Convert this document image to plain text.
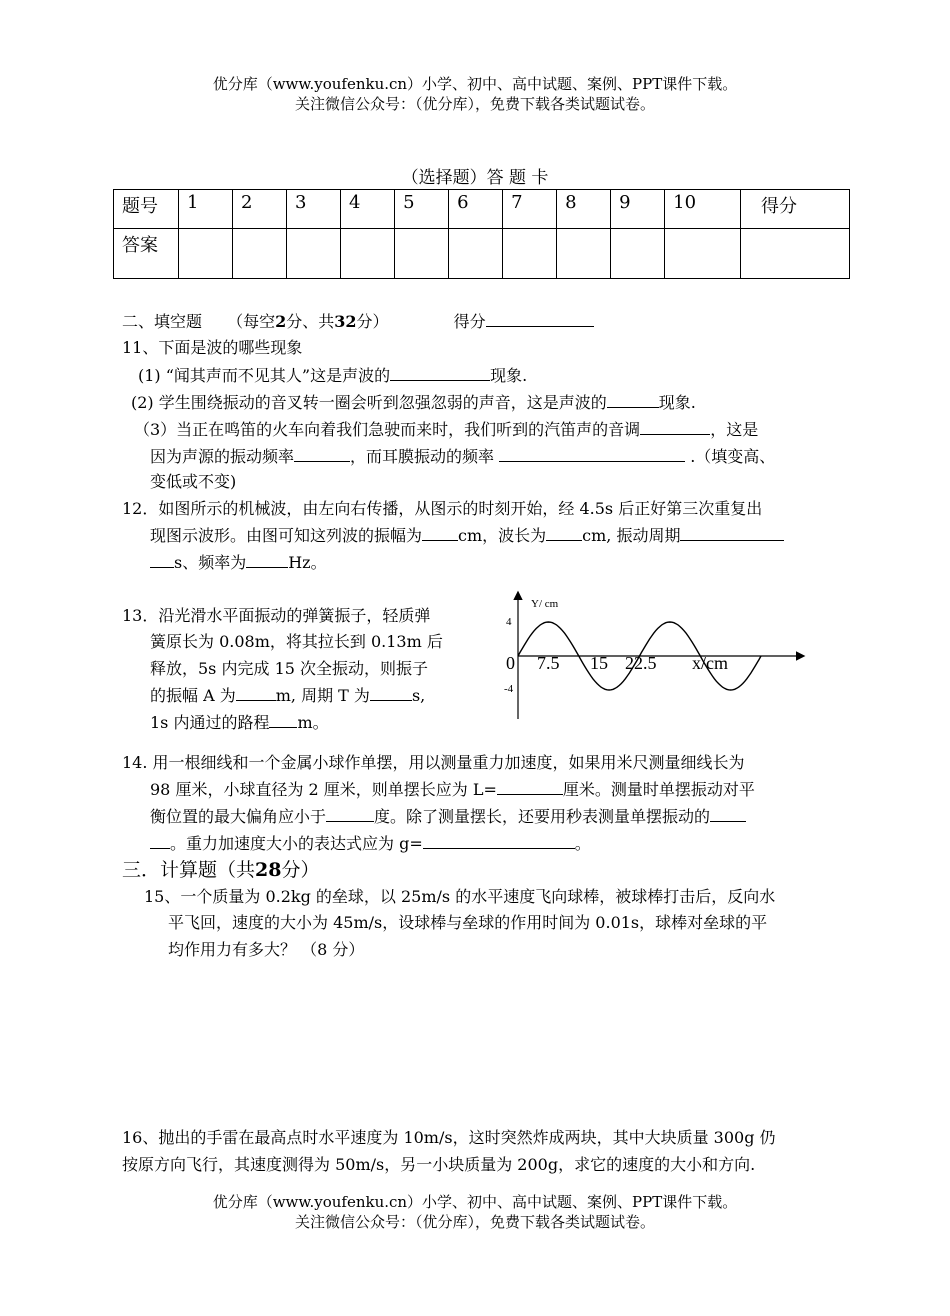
优分库（www.youfenku.cn）小学、初中、高中试题、案例、PPT课件下载。
关注微信公众号：（优分库），免费下载各类试题试卷。
（选择题）答 题 卡
题号	1	2	3	4	5	6	7	8	9	10	得分
答案											
二、填空题 （每空2分、共32分）	得分
11、下面是波的哪些现象
(1) “闻其声而不见其人”这是声波的	现象.
(2) 学生围绕振动的音叉转一圈会听到忽强忽弱的声音，这是声波的	现象.
（3）当正在鸣笛的火车向着我们急驶而来时，我们听到的汽笛声的音调	，这是
因为声源的振动频率	，而耳膜振动的频率	.（填变高、
变低或不变)
12．如图所示的机械波，由左向右传播，从图示的时刻开始，经 4.5s 后正好第三次重复出
现图示波形。由图可知这列波的振幅为 cm，波长为 cm, 振动周期
s、频率为	Hz。
13．沿光滑水平面振动的弹簧振子，轻质弹
簧原长为 0.08m，将其拉长到 0.13m 后
释放，5s 内完成 15 次全振动，则振子
的振幅 A 为	m, 周期 T 为	s,
1s 内通过的路程 m。
Y/ cm
4
-4
0 7.5 15 22.5 x/cm
14. 用一根细线和一个金属小球作单摆，用以测量重力加速度，如果用米尺测量细线长为
98 厘米，小球直径为 2 厘米，则单摆长应为 L=	厘米。测量时单摆振动对平
衡位置的最大偏角应小于	度。除了测量摆长，还要用秒表测量单摆振动的
。重力加速度大小的表达式应为 g=	。
三．计算题（共28分）
15、一个质量为 0.2kg 的垒球，以 25m/s 的水平速度飞向球棒，被球棒打击后，反向水
平飞回，速度的大小为 45m/s，设球棒与垒球的作用时间为 0.01s，球棒对垒球的平
均作用力有多大？ （8 分）
16、抛出的手雷在最高点时水平速度为 10m/s，这时突然炸成两块，其中大块质量 300g 仍
按原方向飞行，其速度测得为 50m/s，另一小块质量为 200g，求它的速度的大小和方向.
优分库（www.youfenku.cn）小学、初中、高中试题、案例、PPT课件下载。
关注微信公众号：（优分库），免费下载各类试题试卷。
